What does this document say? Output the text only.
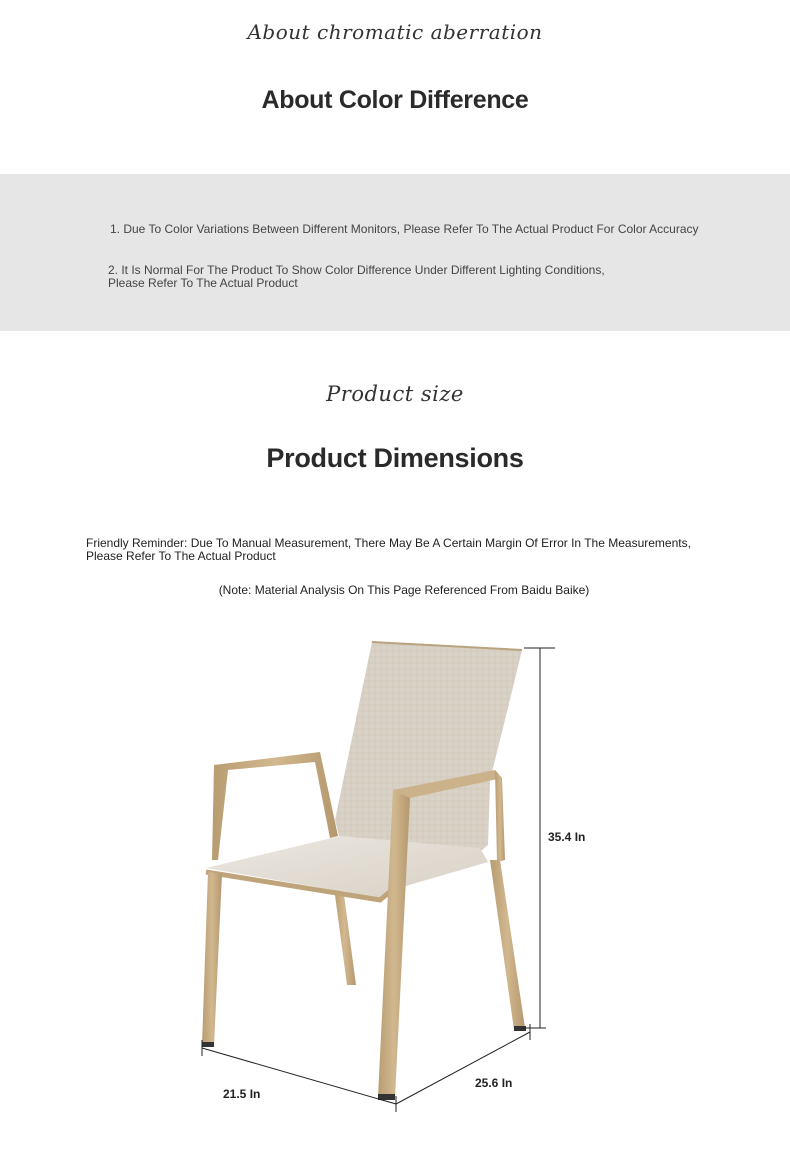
About chromatic aberration
About Color Difference
1. Due To Color Variations Between Different Monitors, Please Refer To The Actual Product For Color Accuracy
2. It Is Normal For The Product To Show Color Difference Under Different Lighting Conditions,
Please Refer To The Actual Product
Product size
Product Dimensions
Friendly Reminder: Due To Manual Measurement, There May Be A Certain Margin Of Error In The Measurements,
Please Refer To The Actual Product
(Note: Material Analysis On This Page Referenced From Baidu Baike)
35.4 In
21.5 In
25.6 In
